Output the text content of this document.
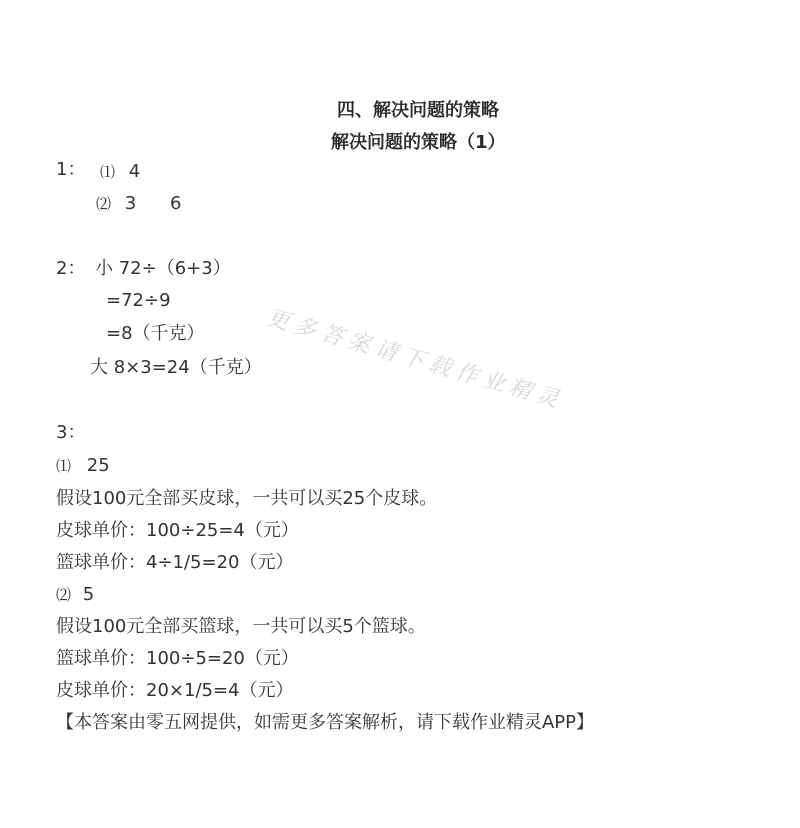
四、解决问题的策略
解决问题的策略（1）
更多答案请下载作业精灵
1： ⑴ 4
⑵ 3 6
2： 小 72÷（6+3）
=72÷9
=8（千克）
大 8×3=24（千克）
3：
⑴ 25
假设100元全部买皮球，一共可以买25个皮球。
皮球单价：100÷25=4（元）
篮球单价：4÷1/5=20（元）
⑵ 5
假设100元全部买篮球，一共可以买5个篮球。
篮球单价：100÷5=20（元）
皮球单价：20×1/5=4（元）
【本答案由零五网提供，如需更多答案解析，请下载作业精灵APP】
